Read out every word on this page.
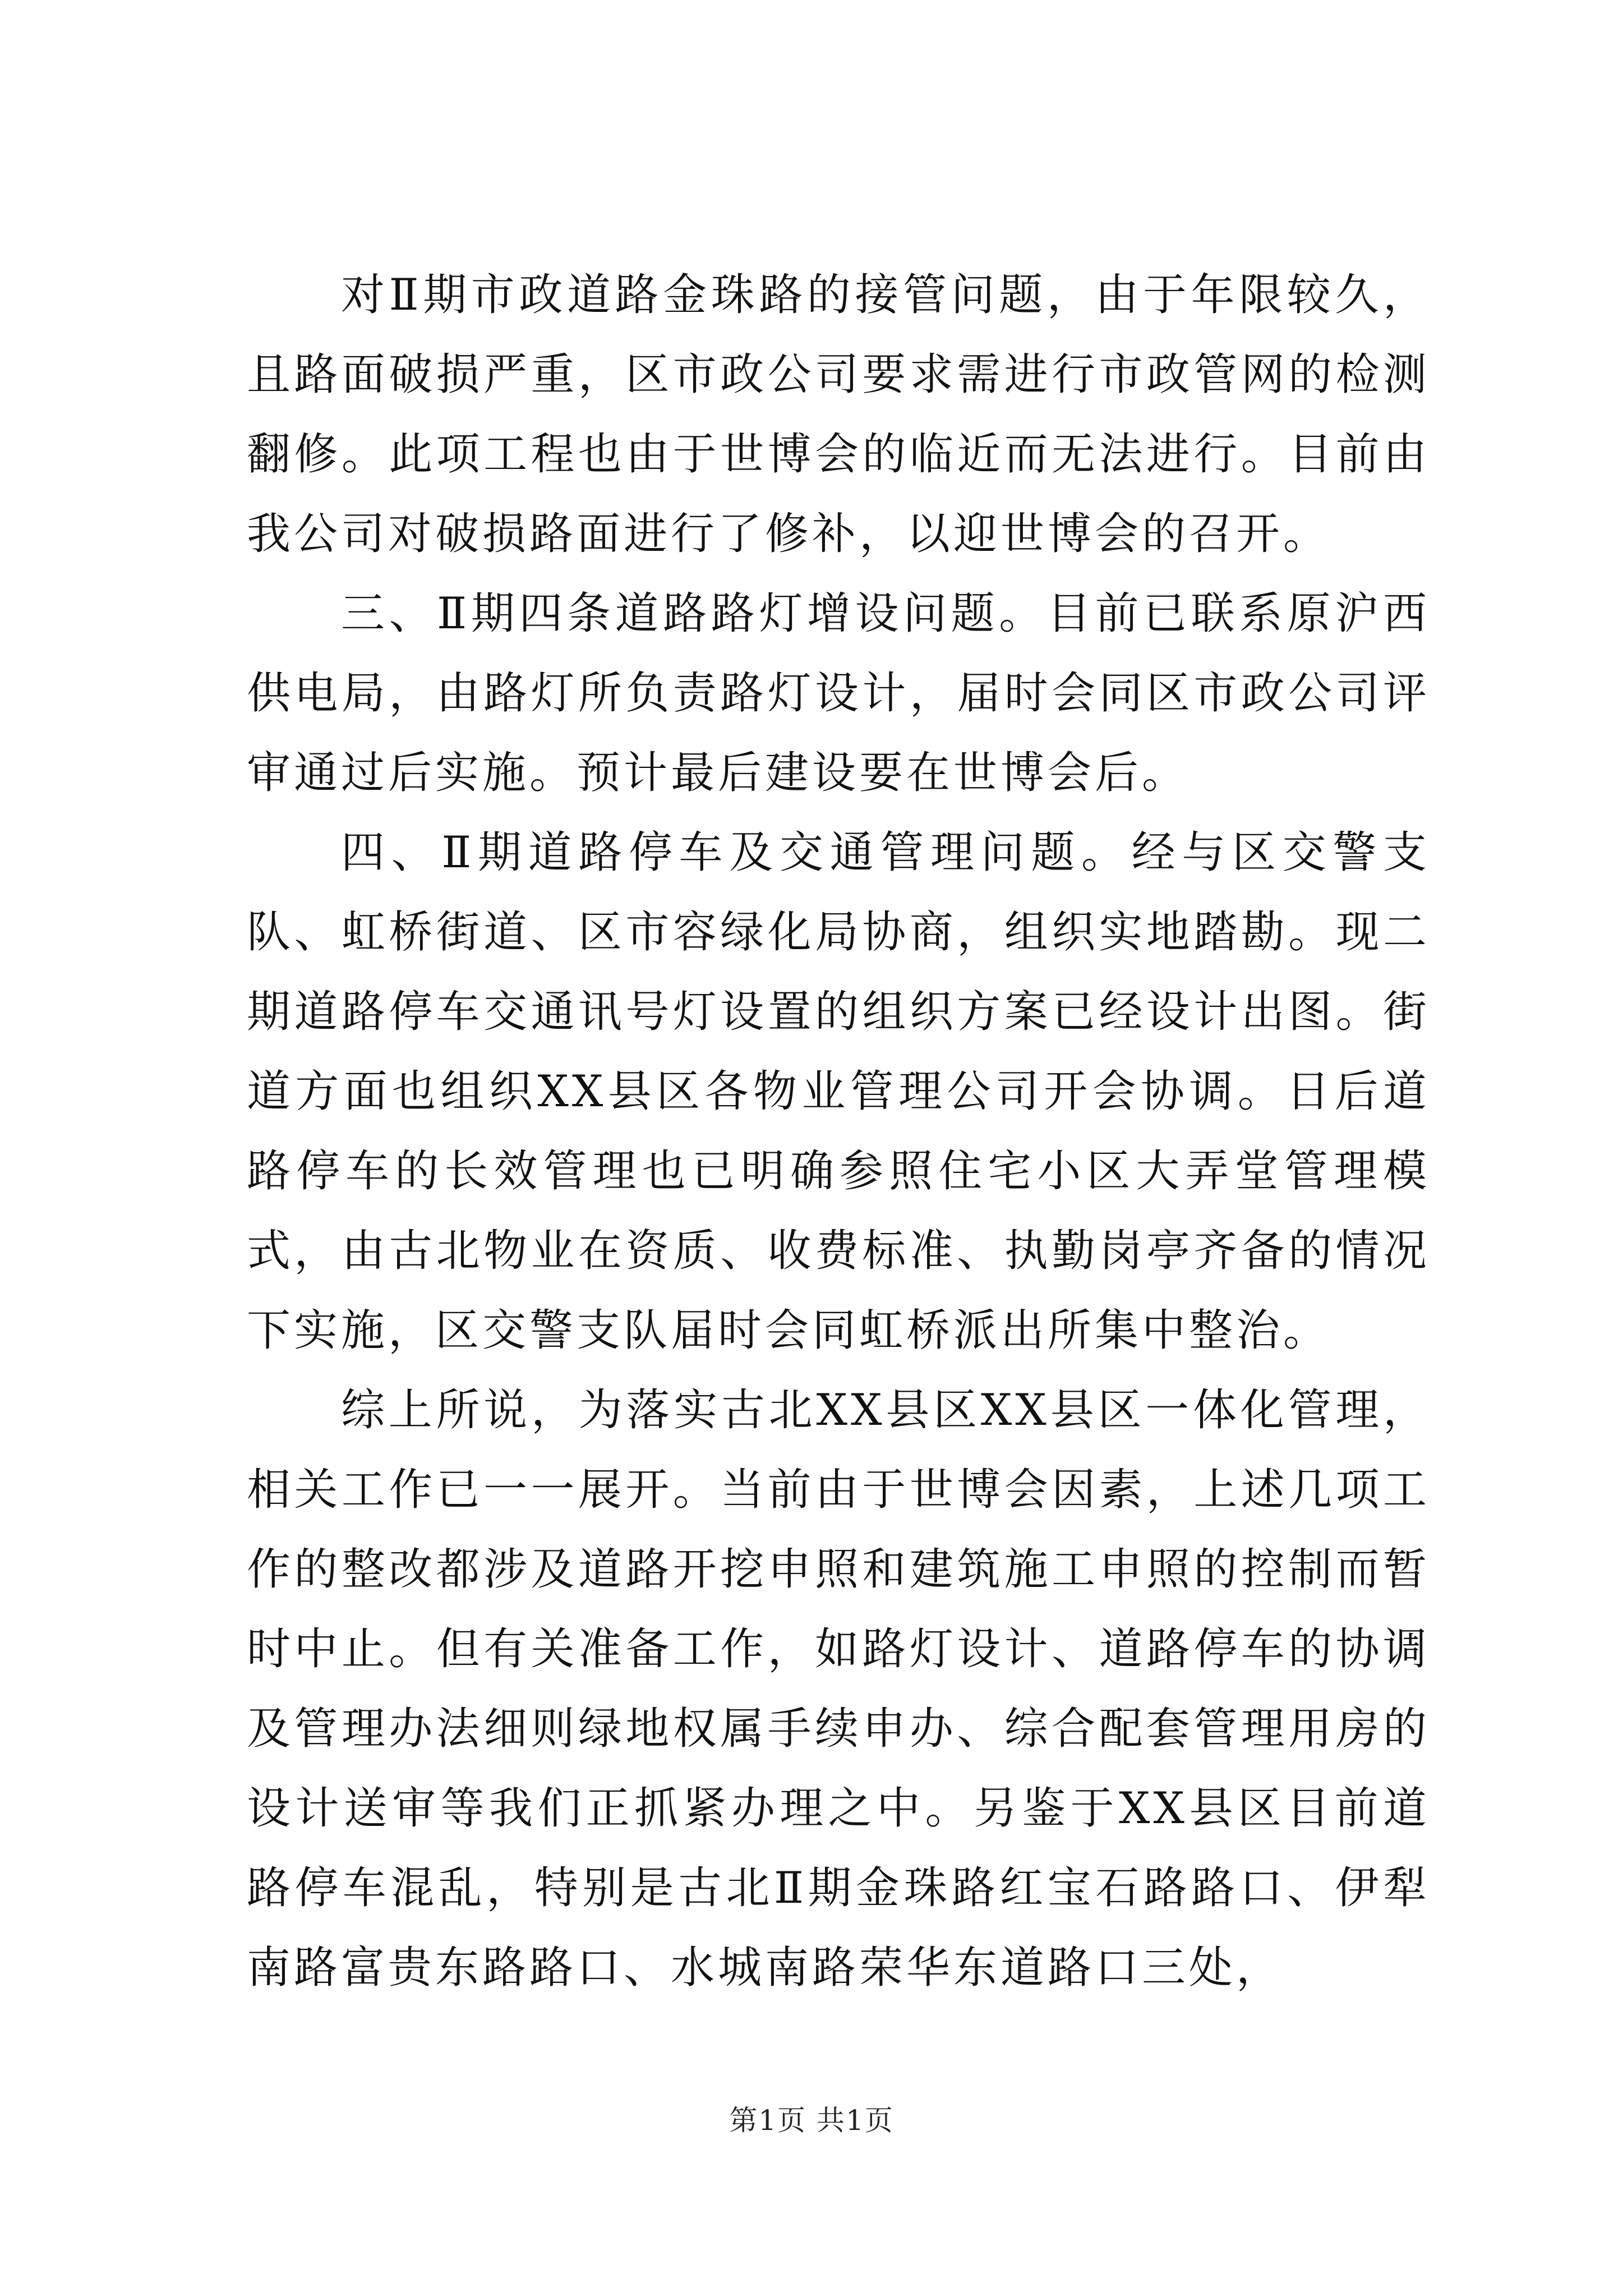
对Ⅱ期市政道路金珠路的接管问题，由于年限较久，且路面破损严重，区市政公司要求需进行市政管网的检测翻修。此项工程也由于世博会的临近而无法进行。目前由我公司对破损路面进行了修补，以迎世博会的召开。

三、Ⅱ期四条道路路灯增设问题。目前已联系原沪西供电局，由路灯所负责路灯设计，届时会同区市政公司评审通过后实施。预计最后建设要在世博会后。

四、Ⅱ期道路停车及交通管理问题。经与区交警支队、虹桥街道、区市容绿化局协商，组织实地踏勘。现二期道路停车交通讯号灯设置的组织方案已经设计出图。街道方面也组织XX县区各物业管理公司开会协调。日后道路停车的长效管理也已明确参照住宅小区大弄堂管理模式，由古北物业在资质、收费标准、执勤岗亭齐备的情况下实施，区交警支队届时会同虹桥派出所集中整治。

综上所说，为落实古北XX县区XX县区一体化管理，相关工作已一一展开。当前由于世博会因素，上述几项工作的整改都涉及道路开挖申照和建筑施工申照的控制而暂时中止。但有关准备工作，如路灯设计、道路停车的协调及管理办法细则绿地权属手续申办、综合配套管理用房的设计送审等我们正抓紧办理之中。另鉴于XX县区目前道路停车混乱，特别是古北Ⅱ期金珠路红宝石路路口、伊犁南路富贵东路路口、水城南路荣华东道路口三处，

第1页 共1页
